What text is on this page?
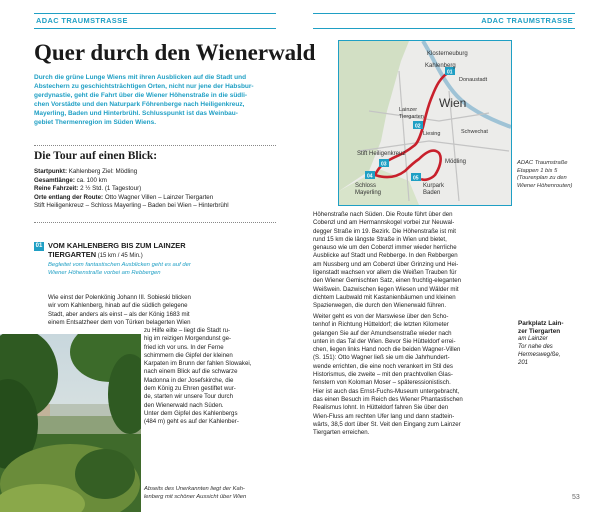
ADAC TRAUMSTRASSE
Quer durch den Wienerwald
Durch die grüne Lunge Wiens mit ihren Ausblicken auf die Stadt und
Abstechern zu geschichtsträchtigen Orten, nicht nur jene der Habsbur-
gerdynastie, geht die Fahrt über die Wiener Höhenstraße in die südli-
chen Vorstädte und den Naturpark Föhrenberge nach Heiligenkreuz,
Mayerling, Baden und Hinterbrühl. Schlusspunkt ist das Weinbau-
gebiet Thermenregion im Süden Wiens.
Die Tour auf einen Blick:
Startpunkt: Kahlenberg Ziel: Mödling
Gesamtlänge: ca. 100 km
Reine Fahrzeit: 2 ½ Std. (1 Tagestour)
Orte entlang der Route: Otto Wagner Villen – Lainzer Tiergarten
Stift Heiligenkreuz – Schloss Mayerling – Baden bei Wien – Hinterbrühl
01 VOM KAHLENBERG BIS ZUM LAINZER
TIERGARTEN (15 km / 45 Min.)
Begleitet vom fantastischen Ausblicken geht es auf der
Wiener Höhenstraße vorbei am Rebbergen
Wie einst der Polenkönig Johann III. Sobieski blicken
wir vom Kahlenberg, hinab auf die südlich gelegene
Stadt, aber anders als einst – als der König 1683 mit
einem Entsatzheer dem von Türken belagerten Wien
zu Hilfe eilte – liegt die Stadt ru-
hig im reizigen Morgendunst ge-
fried ich vor uns. In der Ferne
schimmern die Gipfel der kleinen
Karpaten im Brunn der fahlen Slowakei,
nach einem Blick auf die schwarze
Madonna in der Josefskirche, die
dem König zu Ehren gestiftet wur-
de, starten wir unsere Tour durch
den Wienerwald nach Süden.
Unter dem Gipfel des Kahlenbergs
(484 m) geht es auf der Kahlenber-
Abseits des Unerkannten liegt der Kah-
lenberg mit schöner Aussicht über Wien
ADAC TRAUMSTRASSE
01
02
03
04	05
Klosterneuburg
Kahlenberg
Donaustadt
Wien
Lainzer
Tiergarten
Liesing	Schwechat
Stift Heiligenkreuz
Mödling
Schloss
Mayerling
Kurpark
Baden
ADAC Traumstraße
Etappen 1 bis 5
(Tourenplan zu den
Wiener Höhenrouten)
Höhenstraße nach Süden. Die Route führt über den
Cobenzl und am Hermannskogel vorbei zur Neuwal-
degger Straße im 19. Bezirk. Die Höhenstraße ist mit
rund 15 km die längste Straße in Wien und bietet,
genauso wie um den Cobenzl immer wieder herrliche
Ausblicke auf Stadt und Rebberge. In den Rebbergen
am Nussberg und am Cobenzl über Grinzing und Hei-
ligenstadt wachsen vor allem die Weißen Trauben für
den Wiener Gemischten Satz, einen fruchtig-eleganten
Weißwein. Dazwischen liegen Wiesen und Wälder mit
dichtem Laubwald mit Kastanienbäumen und kleinen
Spazierwegen, die durch den Wienerwald führen.
Weiter geht es von der Marswiese über den Scho-
tenhof in Richtung Hütteldorf; die letzten Kilometer
gelangen Sie auf der Amundsenstraße wieder nach
unten in das Tal der Wien. Bevor Sie Hütteldorf errei-
chen, liegen links Hand noch die beiden Wagner-Villen
(S. 151): Otto Wagner ließ sie um die Jahrhundert-
wende errichten, die eine noch verankert im Stil des
Historismus, die zweite – mit den prachtvollen Glas-
fenstern von Koloman Moser – späteressionistisch.
Hier ist auch das Ernst-Fuchs-Museum untergebracht,
das einen Besuch im Reich des Wiener Phantastischen
Realismus lohnt. In Hütteldorf fahren Sie über den
Wien-Fluss am rechten Ufer lang und dann stadtein-
wärts, 38,5 dort über St. Veit den Eingang zum Lainzer
Tiergarten erreichen.
Parkplatz Lain-
zer Tiergarten
am Lainzer
Tor nahe des
Hermesweg/ße,
201
53
